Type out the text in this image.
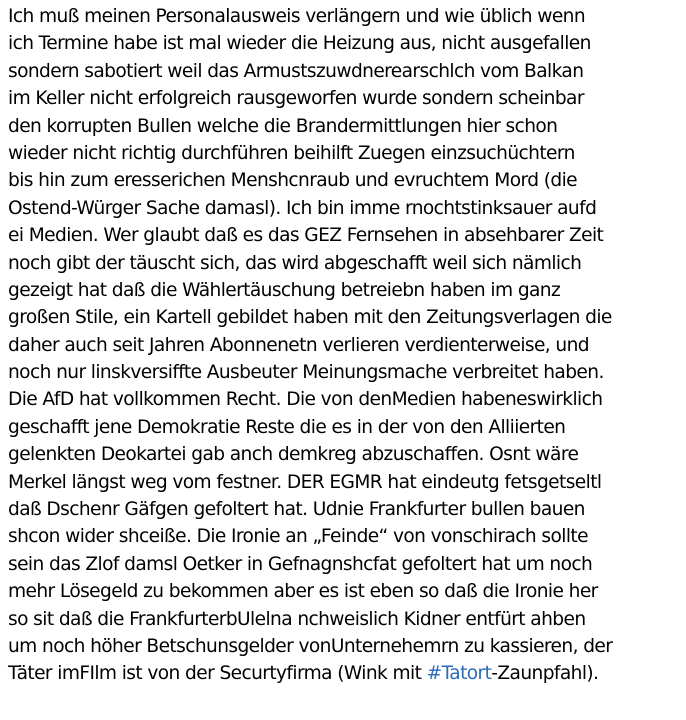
Ich muß meinen Personalausweis verlängern und wie üblich wenn
ich Termine habe ist mal wieder die Heizung aus, nicht ausgefallen
sondern sabotiert weil das Armustszuwdnerearschlch vom Balkan
im Keller nicht erfolgreich rausgeworfen wurde sondern scheinbar
den korrupten Bullen welche die Brandermittlungen hier schon
wieder nicht richtig durchführen beihilft Zuegen einzsuchüchtern
bis hin zum eresserichen Menshcnraub und evruchtem Mord (die
Ostend-Würger Sache damasl). Ich bin imme rnochtstinksauer aufd
ei Medien. Wer glaubt daß es das GEZ Fernsehen in absehbarer Zeit
noch gibt der täuscht sich, das wird abgeschafft weil sich nämlich
gezeigt hat daß die Wählertäuschung betreiebn haben im ganz
großen Stile, ein Kartell gebildet haben mit den Zeitungsverlagen die
daher auch seit Jahren Abonnenetn verlieren verdienterweise, und
noch nur linskversiffte Ausbeuter Meinungsmache verbreitet haben.
Die AfD hat vollkommen Recht. Die von denMedien habeneswirklich
geschafft jene Demokratie Reste die es in der von den Alliierten
gelenkten Deokartei gab anch demkreg abzuschaffen. Osnt wäre
Merkel längst weg vom festner. DER EGMR hat eindeutg fetsgetseltl
daß Dschenr Gäfgen gefoltert hat. Udnie Frankfurter bullen bauen
shcon wider shceiße. Die Ironie an „Feinde“ von vonschirach sollte
sein das Zlof damsl Oetker in Gefnagnshcfat gefoltert hat um noch
mehr Lösegeld zu bekommen aber es ist eben so daß die Ironie her
so sit daß die FrankfurterbUlelna nchweislich Kidner entfürt ahben
um noch höher Betschunsgelder vonUnternehemrn zu kassieren, der
Täter imFIlm ist von der Securtyfirma (Wink mit #Tatort-Zaunpfahl).
